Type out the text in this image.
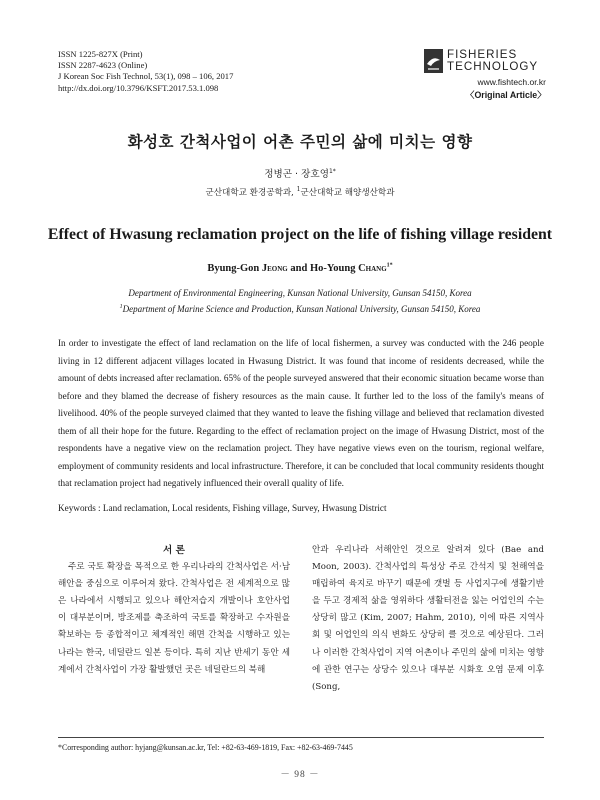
ISSN 1225-827X (Print)
ISSN 2287-4623 (Online)
J Korean Soc Fish Technol, 53(1), 098 – 106, 2017
http://dx.doi.org/10.3796/KSFT.2017.53.1.098
FISHERIES
TECHNOLOGY
www.fishtech.or.kr
〈Original Article〉
화성호 간척사업이 어촌 주민의 삶에 미치는 영향
정병곤 · 장호영$^{1*}$
군산대학교 환경공학과, $^1$군산대학교 해양생산학과
Effect of Hwasung reclamation project on the life of fishing village resident
Byung-Gon Jeong and Ho-Young Chang$^{1*}$
Department of Environmental Engineering, Kunsan National University, Gunsan 54150, Korea
$^1$Department of Marine Science and Production, Kunsan National University, Gunsan 54150, Korea
In order to investigate the effect of land reclamation on the life of local fishermen, a survey was conducted with the 246 people living in 12 different adjacent villages located in Hwasung District. It was found that income of residents decreased, while the amount of debts increased after reclamation. 65% of the people surveyed answered that their economic situation became worse than before and they blamed the decrease of fishery resources as the main cause. It further led to the loss of the family's means of livelihood. 40% of the people surveyed claimed that they wanted to leave the fishing village and believed that reclamation divested them of all their hope for the future. Regarding to the effect of reclamation project on the image of Hwasung District, most of the respondents have a negative view on the reclamation project. They have negative views even on the tourism, regional welfare, employment of community residents and local infrastructure. Therefore, it can be concluded that local community residents thought that reclamation project had negatively influenced their overall quality of life.
Keywords : Land reclamation, Local residents, Fishing village, Survey, Hwasung District
서 론
주로 국토 확장을 목적으로 한 우리나라의 간척사업은 서·남해안을 중심으로 이루어져 왔다. 간척사업은 전 세계적으로 많은 나라에서 시행되고 있으나 해안저습지 개발이나 호안사업이 대부분이며, 방조제를 축조하여 국토를 확장하고 수자원을 확보하는 등 종합적이고 체계적인 해면 간척을 시행하고 있는 나라는 한국, 네덜란드 일본 등이다. 특히 지난 반세기 동안 세계에서 간척사업이 가장 활발했던 곳은 네덜란드의 북해
안과 우리나라 서해안인 것으로 알려져 있다 (Bae and Moon, 2003). 간척사업의 특성상 주로 간석지 및 천해역을 매립하여 육지로 바꾸기 때문에 갯벌 등 사업지구에 생활기반을 두고 경제적 삶을 영위하다 생활터전을 잃는 어업인의 수는 상당히 많고 (Kim, 2007; Hahm, 2010), 이에 따른 지역사회 및 어업인의 의식 변화도 상당히 클 것으로 예상된다. 그러나 이러한 간척사업이 지역 어촌이나 주민의 삶에 미치는 영향에 관한 연구는 상당수 있으나 대부분 시화호 오염 문제 이후 (Song,
*Corresponding author: hyjang@kunsan.ac.kr, Tel: +82-63-469-1819, Fax: +82-63-469-7445
－ 98 －
